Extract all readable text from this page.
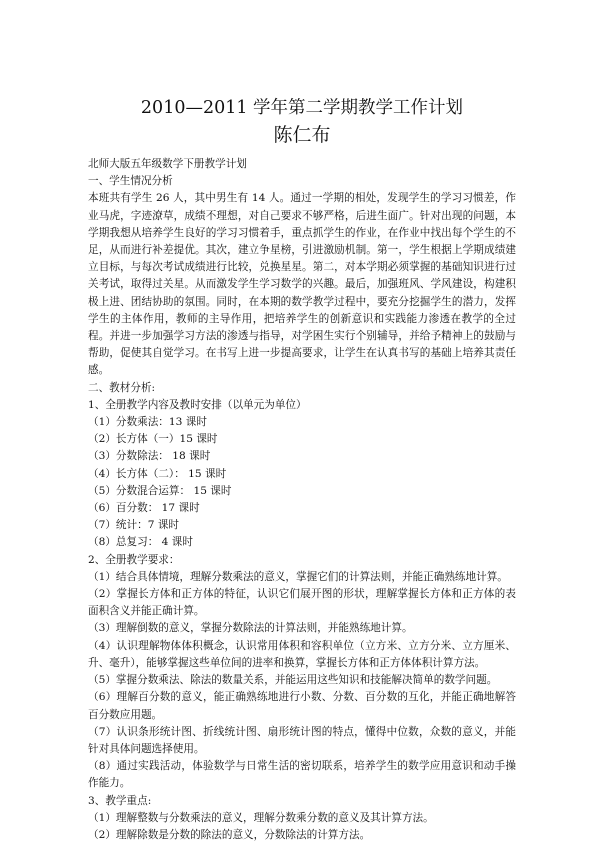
2010—2011 学年第二学期教学工作计划
陈仁布

北师大版五年级数学下册教学计划

一、学生情况分析

本班共有学生 26 人，其中男生有 14 人。通过一学期的相处，发现学生的学习习惯差，作业马虎，字迹潦草，成绩不理想，对自己要求不够严格，后进生面广。针对出现的问题，本学期我想从培养学生良好的学习习惯着手，重点抓学生的作业，在作业中找出每个学生的不足，从而进行补差提优。其次，建立争星榜，引进激励机制。第一，学生根据上学期成绩建立目标，与每次考试成绩进行比较，兑换星星。第二，对本学期必须掌握的基础知识进行过关考试，取得过关星。从而激发学生学习数学的兴趣。最后，加强班风、学风建设，构建积极上进、团结协助的氛围。同时，在本期的数学教学过程中，要充分挖掘学生的潜力，发挥学生的主体作用，教师的主导作用，把培养学生的创新意识和实践能力渗透在教学的全过程。并进一步加强学习方法的渗透与指导，对学困生实行个别辅导，并给予精神上的鼓励与帮助，促使其自觉学习。在书写上进一步提高要求，让学生在认真书写的基础上培养其责任感。

二、教材分析:

1、全册教学内容及教时安排（以单元为单位）

（1）分数乘法：13 课时

（2）长方体（一）15 课时

（3）分数除法： 18 课时

（4）长方体（二）： 15 课时

（5）分数混合运算： 15 课时

（6）百分数： 17 课时

（7）统计：7 课时

（8）总复习： 4 课时

2、全册教学要求：

（1）结合具体情境，理解分数乘法的意义，掌握它们的计算法则，并能正确熟练地计算。

（2）掌握长方体和正方体的特征，认识它们展开图的形状，理解掌握长方体和正方体的表面积含义并能正确计算。

（3）理解倒数的意义，掌握分数除法的计算法则，并能熟练地计算。

（4）认识理解物体体积概念，认识常用体积和容积单位（立方米、立方分米、立方厘米、升、毫升），能够掌握这些单位间的进率和换算，掌握长方体和正方体体积计算方法。

（5）掌握分数乘法、除法的数量关系，并能运用这些知识和技能解决简单的数学问题。

（6）理解百分数的意义，能正确熟练地进行小数、分数、百分数的互化，并能正确地解答百分数应用题。

（7）认识条形统计图、折线统计图、扇形统计图的特点，懂得中位数，众数的意义，并能针对具体问题选择使用。

（8）通过实践活动，体验数学与日常生活的密切联系，培养学生的数学应用意识和动手操作能力。

3、教学重点:

（1）理解整数与分数乘法的意义，理解分数乘分数的意义及其计算方法。

（2）理解除数是分数的除法的意义，分数除法的计算方法。
